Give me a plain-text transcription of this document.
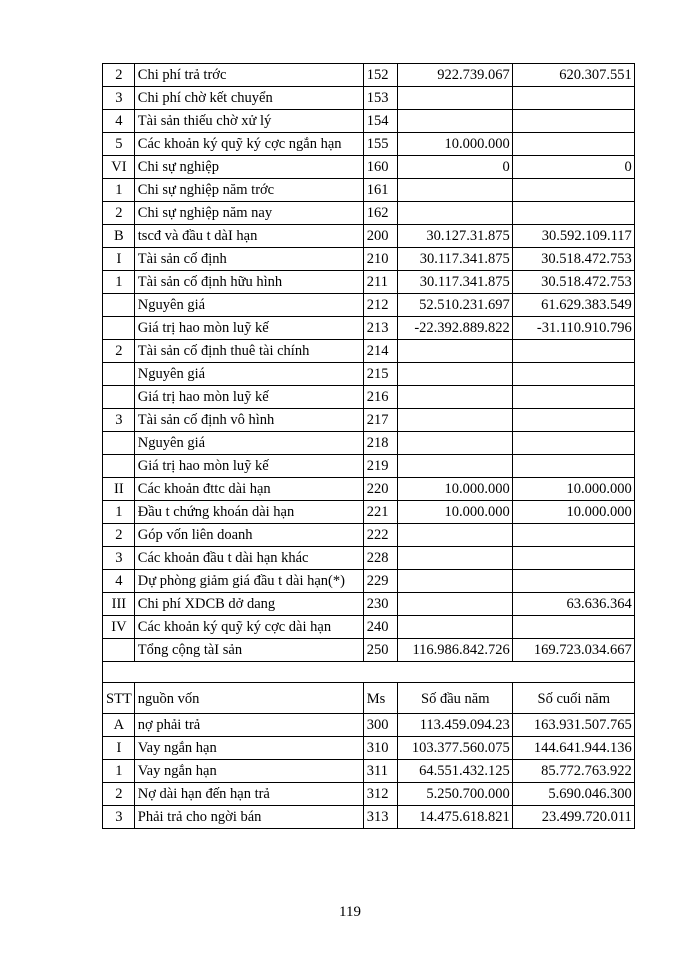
2	Chi phí trả trớc	152	922.739.067	620.307.551
3	Chi phí chờ kết chuyển	153		
4	Tài sản thiếu chờ xử lý	154		
5	Các khoản ký quỹ ký cợc ngắn hạn	155	10.000.000	
VI	Chi sự nghiệp	160	0	0
1	Chi sự nghiệp năm trớc	161		
2	Chi sự nghiệp năm nay	162		
B	tscđ và đầu t dàI hạn	200	30.127.31.875	30.592.109.117
I	Tài sản cố định	210	30.117.341.875	30.518.472.753
1	Tài sản cố định hữu hình	211	30.117.341.875	30.518.472.753
	Nguyên giá	212	52.510.231.697	61.629.383.549
	Giá trị hao mòn luỹ kế	213	-22.392.889.822	-31.110.910.796
2	Tài sản cố định thuê tài chính	214		
	Nguyên giá	215		
	Giá trị hao mòn luỹ kế	216		
3	Tài sản cố định vô hình	217		
	Nguyên giá	218		
	Giá trị hao mòn luỹ kế	219		
II	Các khoản đttc dài hạn	220	10.000.000	10.000.000
1	Đầu t chứng khoán dài hạn	221	10.000.000	10.000.000
2	Góp vốn liên doanh	222		
3	Các khoản đầu t dài hạn khác	228		
4	Dự phòng giảm giá đầu t dài hạn(*)	229		
III	Chi phí XDCB dở dang	230		63.636.364
IV	Các khoản ký quỹ ký cợc dài hạn	240		
	Tổng cộng tàI sản	250	116.986.842.726	169.723.034.667

STT	nguồn vốn	Ms	Số đầu năm	Số cuối năm
A	nợ phải trả	300	113.459.094.23	163.931.507.765
I	Vay ngắn hạn	310	103.377.560.075	144.641.944.136
1	Vay ngắn hạn	311	64.551.432.125	85.772.763.922
2	Nợ dài hạn đến hạn trả	312	5.250.700.000	5.690.046.300
3	Phải trả cho ngời bán	313	14.475.618.821	23.499.720.011
119
